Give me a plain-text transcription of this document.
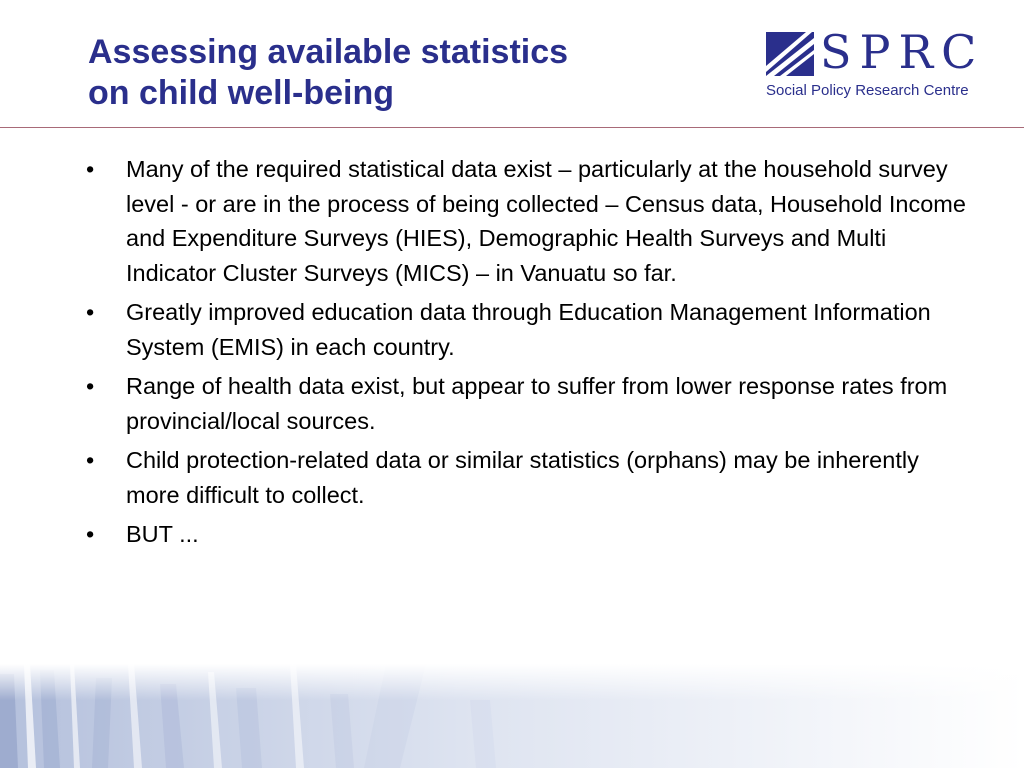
Assessing available statistics
on child well-being
SPRC
Social Policy Research Centre
•	Many of the required statistical data exist – particularly at the household survey level - or are in the process of being collected – Census data, Household Income and Expenditure Surveys (HIES), Demographic Health Surveys and Multi Indicator Cluster Surveys (MICS) – in Vanuatu so far.
•	Greatly improved education data through Education Management Information System (EMIS) in each country.
•	Range of health data exist, but appear to suffer from lower response rates from provincial/local sources.
•	Child protection-related data or similar statistics (orphans) may be inherently more difficult to collect.
•	BUT ...
